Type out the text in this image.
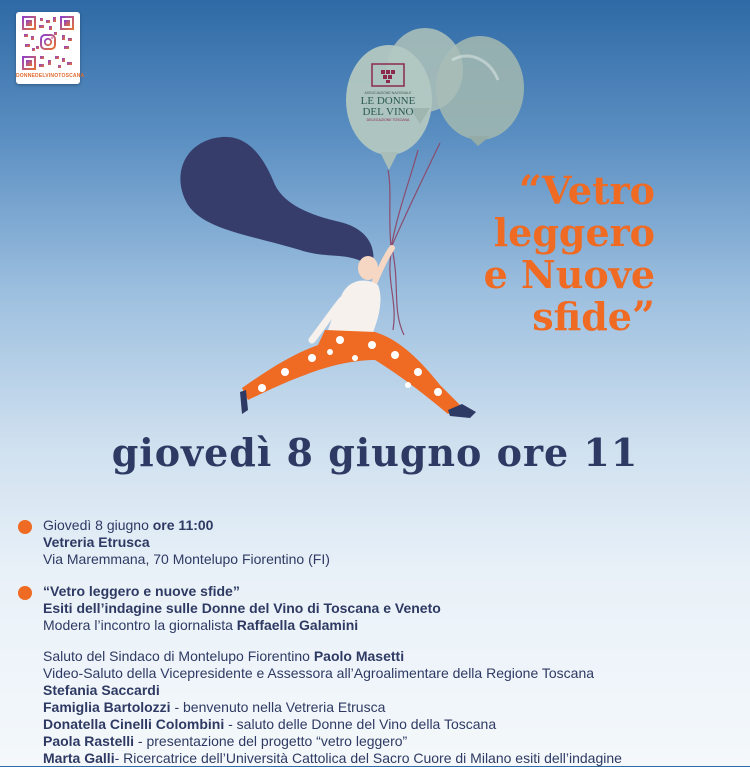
DONNEDELVINOTOSCANA
ASSOCIAZIONE NAZIONALE
LE DONNE
DEL VINO
DELEGAZIONE TOSCANA
“Vetro
leggero
e Nuove
sfide”
giovedì 8 giugno ore 11
Giovedì 8 giugno ore 11:00
Vetreria Etrusca
Via Maremmana, 70 Montelupo Fiorentino (FI)
“Vetro leggero e nuove sfide”
Esiti dell’indagine sulle Donne del Vino di Toscana e Veneto
Modera l’incontro la giornalista Raffaella Galamini
Saluto del Sindaco di Montelupo Fiorentino Paolo Masetti
Video-Saluto della Vicepresidente e Assessora all’Agroalimentare della Regione Toscana
Stefania Saccardi
Famiglia Bartolozzi - benvenuto nella Vetreria Etrusca
Donatella Cinelli Colombini - saluto delle Donne del Vino della Toscana
Paola Rastelli - presentazione del progetto “vetro leggero”
Marta Galli- Ricercatrice dell’Università Cattolica del Sacro Cuore di Milano esiti dell’indagine
